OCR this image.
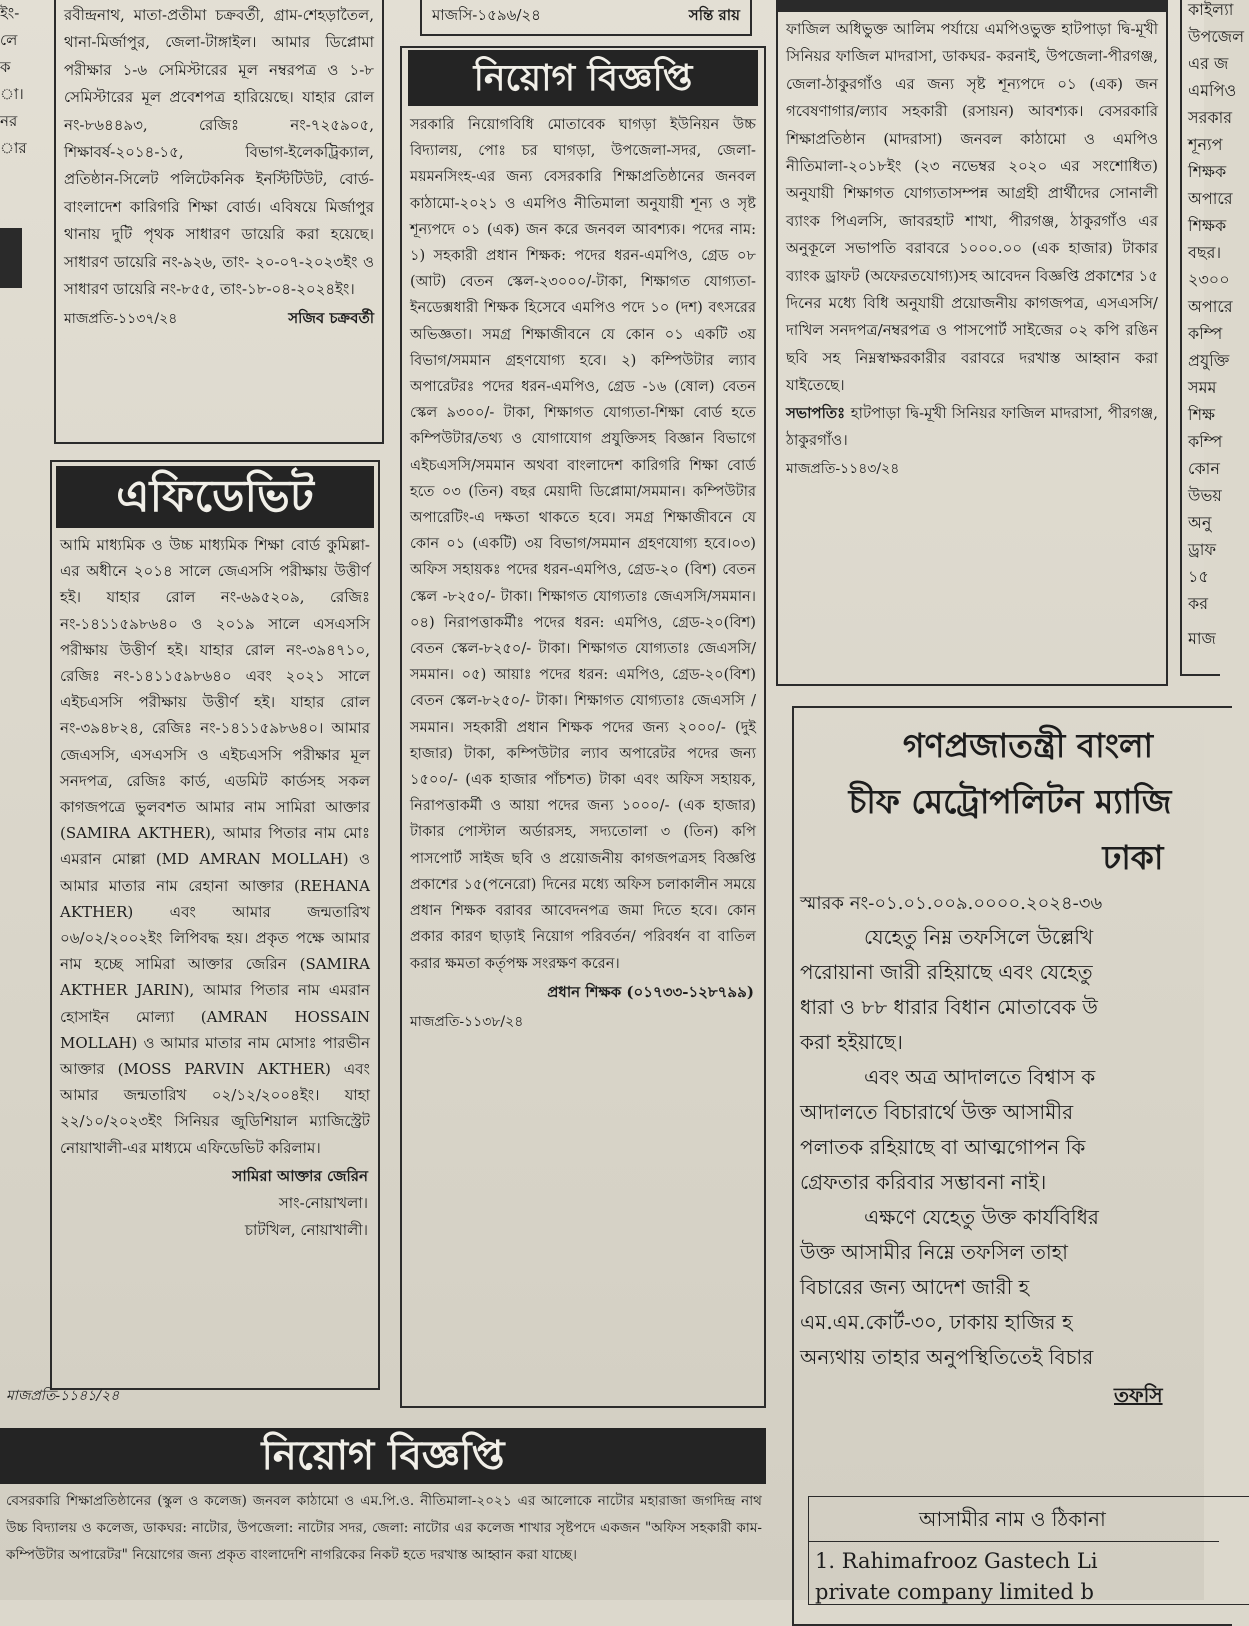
ইং-

লে

ক

া।

নর

ার

রবীন্দ্রনাথ, মাতা-প্রতীমা চক্রবর্তী, গ্রাম-শেহড়াতৈল, থানা-মির্জাপুর, জেলা-টাঙ্গাইল। আমার ডিপ্লোমা পরীক্ষার ১-৬ সেমিস্টারের মূল নম্বরপত্র ও ১-৮ সেমিস্টারের মূল প্রবেশপত্র হারিয়েছে। যাহার রোল নং-৮৬৪৪৯৩, রেজিঃ নং-৭২৫৯০৫, শিক্ষাবর্ষ-২০১৪-১৫, বিভাগ-ইলেকট্রিক্যাল, প্রতিষ্ঠান-সিলেট পলিটেকনিক ইনস্টিটিউট, বোর্ড-বাংলাদেশ কারিগরি শিক্ষা বোর্ড। এবিষয়ে মির্জাপুর থানায় দুটি পৃথক সাধারণ ডায়েরি করা হয়েছে। সাধারণ ডায়েরি নং-৯২৬, তাং- ২০-০৭-২০২৩ইং ও সাধারণ ডায়েরি নং-৮৫৫, তাং-১৮-০৪-২০২৪ইং।

মাজপ্রতি-১১৩৭/২৪	সজিব চক্রবর্তী
এফিডেভিট

আমি মাধ্যমিক ও উচ্চ মাধ্যমিক শিক্ষা বোর্ড কুমিল্লা-এর অধীনে ২০১৪ সালে জেএসসি পরীক্ষায় উত্তীর্ণ হই। যাহার রোল নং-৬৯৫২০৯, রেজিঃ নং-১৪১১৫৯৮৬৪০ ও ২০১৯ সালে এসএসসি পরীক্ষায় উত্তীর্ণ হই। যাহার রোল নং-৩৯৪৭১০, রেজিঃ নং-১৪১১৫৯৮৬৪০ এবং ২০২১ সালে এইচএসসি পরীক্ষায় উত্তীর্ণ হই। যাহার রোল নং-৩৯৪৮২৪, রেজিঃ নং-১৪১১৫৯৮৬৪০। আমার জেএসসি, এসএসসি ও এইচএসসি পরীক্ষার মূল সনদপত্র, রেজিঃ কার্ড, এডমিট কার্ডসহ সকল কাগজপত্রে ভুলবশত আমার নাম সামিরা আক্তার (SAMIRA AKTHER), আমার পিতার নাম মোঃ এমরান মোল্লা (MD AMRAN MOLLAH) ও আমার মাতার নাম রেহানা আক্তার (REHANA AKTHER) এবং আমার জন্মতারিখ ০৬/০২/২০০২ইং লিপিবদ্ধ হয়। প্রকৃত পক্ষে আমার নাম হচ্ছে সামিরা আক্তার জেরিন (SAMIRA AKTHER JARIN), আমার পিতার নাম এমরান হোসাইন মোল্যা (AMRAN HOSSAIN MOLLAH) ও আমার মাতার নাম মোসাঃ পারভীন আক্তার (MOSS PARVIN AKTHER) এবং আমার জন্মতারিখ ০২/১২/২০০৪ইং। যাহা ২২/১০/২০২৩ইং সিনিয়র জুডিশিয়াল ম্যাজিস্ট্রেট নোয়াখালী-এর মাধ্যমে এফিডেভিট করিলাম।

সামিরা আক্তার জেরিন
সাং-নোয়াখলা।
চাটখিল, নোয়াখালী।
মাজপ্রতি-১১৪১/২৪
মাজসি-১৫৯৬/২৪	সন্তি রায়
নিয়োগ বিজ্ঞপ্তি

সরকারি নিয়োগবিধি মোতাবেক ঘাগড়া ইউনিয়ন উচ্চ বিদ্যালয়, পোঃ চর ঘাগড়া, উপজেলা-সদর, জেলা-ময়মনসিংহ-এর জন্য বেসরকারি শিক্ষাপ্রতিষ্ঠানের জনবল কাঠামো-২০২১ ও এমপিও নীতিমালা অনুযায়ী শূন্য ও সৃষ্ট শূন্যপদে ০১ (এক) জন করে জনবল আবশ্যক। পদের নাম: ১) সহকারী প্রধান শিক্ষক: পদের ধরন-এমপিও, গ্রেড ০৮ (আট) বেতন স্কেল-২৩০০০/-টাকা, শিক্ষাগত যোগ্যতা-ইনডেক্সধারী শিক্ষক হিসেবে এমপিও পদে ১০ (দশ) বৎসরের অভিজ্ঞতা। সমগ্র শিক্ষাজীবনে যে কোন ০১ একটি ৩য় বিভাগ/সমমান গ্রহণযোগ্য হবে। ২) কম্পিউটার ল্যাব অপারেটরঃ পদের ধরন-এমপিও, গ্রেড -১৬ (ষোল) বেতন স্কেল ৯৩০০/- টাকা, শিক্ষাগত যোগ্যতা-শিক্ষা বোর্ড হতে কম্পিউটার/তথ্য ও যোগাযোগ প্রযুক্তিসহ বিজ্ঞান বিভাগে এইচএসসি/সমমান অথবা বাংলাদেশ কারিগরি শিক্ষা বোর্ড হতে ০৩ (তিন) বছর মেয়াদী ডিপ্লোমা/সমমান। কম্পিউটার অপারেটিং-এ দক্ষতা থাকতে হবে। সমগ্র শিক্ষাজীবনে যে কোন ০১ (একটি) ৩য় বিভাগ/সমমান গ্রহণযোগ্য হবে।০৩) অফিস সহায়কঃ পদের ধরন-এমপিও, গ্রেড-২০ (বিশ) বেতন স্কেল -৮২৫০/- টাকা। শিক্ষাগত যোগ্যতাঃ জেএসসি/সমমান। ০৪) নিরাপত্তাকর্মীঃ পদের ধরন: এমপিও, গ্রেড-২০(বিশ) বেতন স্কেল-৮২৫০/- টাকা। শিক্ষাগত যোগ্যতাঃ জেএসসি/সমমান। ০৫) আয়াঃ পদের ধরন: এমপিও, গ্রেড-২০(বিশ) বেতন স্কেল-৮২৫০/- টাকা। শিক্ষাগত যোগ্যতাঃ জেএসসি /সমমান। সহকারী প্রধান শিক্ষক পদের জন্য ২০০০/- (দুই হাজার) টাকা, কম্পিউটার ল্যাব অপারেটর পদের জন্য ১৫০০/- (এক হাজার পাঁচশত) টাকা এবং অফিস সহায়ক, নিরাপত্তাকর্মী ও আয়া পদের জন্য ১০০০/- (এক হাজার) টাকার পোস্টাল অর্ডারসহ, সদ্যতোলা ৩ (তিন) কপি পাসপোর্ট সাইজ ছবি ও প্রয়োজনীয় কাগজপত্রসহ বিজ্ঞপ্তি প্রকাশের ১৫(পনেরো) দিনের মধ্যে অফিস চলাকালীন সময়ে প্রধান শিক্ষক বরাবর আবেদনপত্র জমা দিতে হবে। কোন প্রকার কারণ ছাড়াই নিয়োগ পরিবর্তন/ পরিবর্ধন বা বাতিল করার ক্ষমতা কর্তৃপক্ষ সংরক্ষণ করেন।

প্রধান শিক্ষক (০১৭৩৩-১২৮৭৯৯)
মাজপ্রতি-১১৩৮/২৪

ফাজিল অধিভুক্ত আলিম পর্যায়ে এমপিওভুক্ত হাটপাড়া দ্বি-মূখী সিনিয়র ফাজিল মাদরাসা, ডাকঘর- করনাই, উপজেলা-পীরগঞ্জ, জেলা-ঠাকুরগাঁও এর জন্য সৃষ্ট শূন্যপদে ০১ (এক) জন গবেষণাগার/ল্যাব সহকারী (রসায়ন) আবশ্যক। বেসরকারি শিক্ষাপ্রতিষ্ঠান (মাদরাসা) জনবল কাঠামো ও এমপিও নীতিমালা-২০১৮ইং (২৩ নভেম্বর ২০২০ এর সংশোধিত) অনুযায়ী শিক্ষাগত যোগ্যতাসম্পন্ন আগ্রহী প্রার্থীদের সোনালী ব্যাংক পিএলসি, জাবরহাট শাখা, পীরগঞ্জ, ঠাকুরগাঁও এর অনুকূলে সভাপতি বরাবরে ১০০০.০০ (এক হাজার) টাকার ব্যাংক ড্রাফট (অফেরতযোগ্য)সহ আবেদন বিজ্ঞপ্তি প্রকাশের ১৫ দিনের মধ্যে বিধি অনুযায়ী প্রয়োজনীয় কাগজপত্র, এসএসসি/দাখিল সনদপত্র/নম্বরপত্র ও পাসপোর্ট সাইজের ০২ কপি রঙিন ছবি সহ নিম্নস্বাক্ষরকারীর বরাবরে দরখাস্ত আহ্বান করা যাইতেছে।

সভাপতিঃ হাটপাড়া দ্বি-মূখী সিনিয়র ফাজিল মাদরাসা, পীরগঞ্জ, ঠাকুরগাঁও।

মাজপ্রতি-১১৪৩/২৪

কাইল্যা

উপজেল

এর জ

এমপিও

সরকার

শূন্যপ

শিক্ষক

অপারে

শিক্ষক

বছর।

২৩০০

অপারে

কম্পি

প্রযুক্তি

সমম

শিক্ষ

কম্পি

কোন

উভয়

অনু

ড্রাফ

১৫

কর

মাজ

গণপ্রজাতন্ত্রী বাংলা

চীফ মেট্রোপলিটন ম্যাজি

ঢাকা

স্মারক নং-০১.০১.০০৯.০০০০.২০২৪-৩৬

যেহেতু নিম্ন তফসিলে উল্লেখি

পরোয়ানা জারী রহিয়াছে এবং যেহেতু

ধারা ও ৮৮ ধারার বিধান মোতাবেক উ

করা হইয়াছে।

এবং অত্র আদালতে বিশ্বাস ক

আদালতে বিচারার্থে উক্ত আসামীর

পলাতক রহিয়াছে বা আত্মগোপন কি

গ্রেফতার করিবার সম্ভাবনা নাই।

এক্ষণে যেহেতু উক্ত কার্যবিধির

উক্ত আসামীর নিম্নে তফসিল তাহা

বিচারের জন্য আদেশ জারী হ

এম.এম.কোর্ট-৩০, ঢাকায় হাজির হ

অন্যথায় তাহার অনুপস্থিতিতেই বিচার

তফসি

আসামীর নাম ও ঠিকানা

1. Rahimafrooz Gastech Li

private company limited b

নিয়োগ বিজ্ঞপ্তি

বেসরকারি শিক্ষাপ্রতিষ্ঠানের (স্কুল ও কলেজ) জনবল কাঠামো ও এম.পি.ও. নীতিমালা-২০২১ এর আলোকে নাটোর মহারাজা জগদিন্দ্র নাথ উচ্চ বিদ্যালয় ও কলেজ, ডাকঘর: নাটোর, উপজেলা: নাটোর সদর, জেলা: নাটোর এর কলেজ শাখার সৃষ্টপদে একজন "অফিস সহকারী কাম-কম্পিউটার অপারেটর" নিয়োগের জন্য প্রকৃত বাংলাদেশি নাগরিকের নিকট হতে দরখাস্ত আহ্বান করা যাচ্ছে।
